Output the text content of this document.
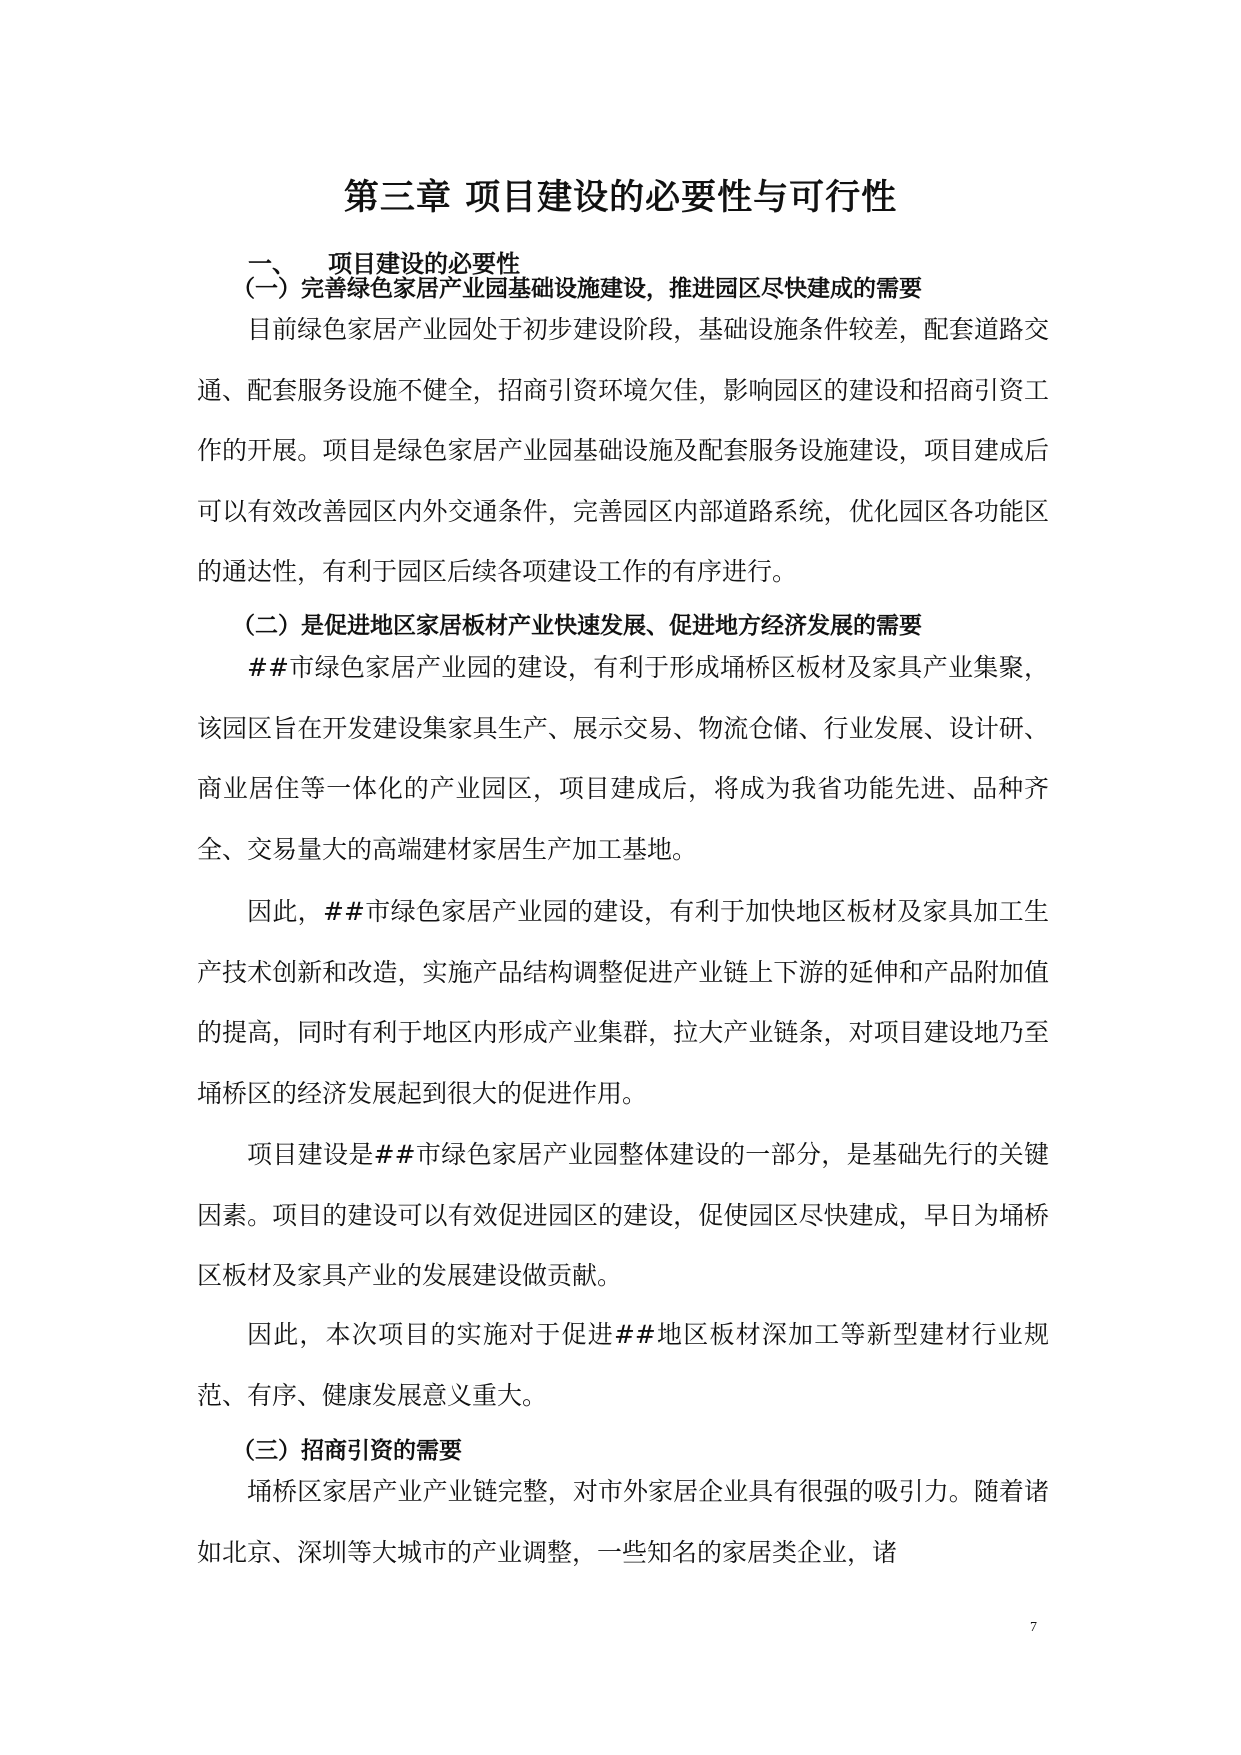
第三章 项目建设的必要性与可行性
一、 项目建设的必要性
（一）完善绿色家居产业园基础设施建设，推进园区尽快建成的需要

目前绿色家居产业园处于初步建设阶段，基础设施条件较差，配套道路交通、配套服务设施不健全，招商引资环境欠佳，影响园区的建设和招商引资工作的开展。项目是绿色家居产业园基础设施及配套服务设施建设，项目建成后可以有效改善园区内外交通条件，完善园区内部道路系统，优化园区各功能区的通达性，有利于园区后续各项建设工作的有序进行。

（二）是促进地区家居板材产业快速发展、促进地方经济发展的需要

##市绿色家居产业园的建设，有利于形成埇桥区板材及家具产业集聚，该园区旨在开发建设集家具生产、展示交易、物流仓储、行业发展、设计研、商业居住等一体化的产业园区，项目建成后，将成为我省功能先进、品种齐全、交易量大的高端建材家居生产加工基地。

因此，##市绿色家居产业园的建设，有利于加快地区板材及家具加工生产技术创新和改造，实施产品结构调整促进产业链上下游的延伸和产品附加值的提高，同时有利于地区内形成产业集群，拉大产业链条，对项目建设地乃至埇桥区的经济发展起到很大的促进作用。

项目建设是##市绿色家居产业园整体建设的一部分，是基础先行的关键因素。项目的建设可以有效促进园区的建设，促使园区尽快建成，早日为埇桥区板材及家具产业的发展建设做贡献。

因此，本次项目的实施对于促进##地区板材深加工等新型建材行业规范、有序、健康发展意义重大。

（三）招商引资的需要

埇桥区家居产业产业链完整，对市外家居企业具有很强的吸引力。随着诸如北京、深圳等大城市的产业调整，一些知名的家居类企业，诸

7
